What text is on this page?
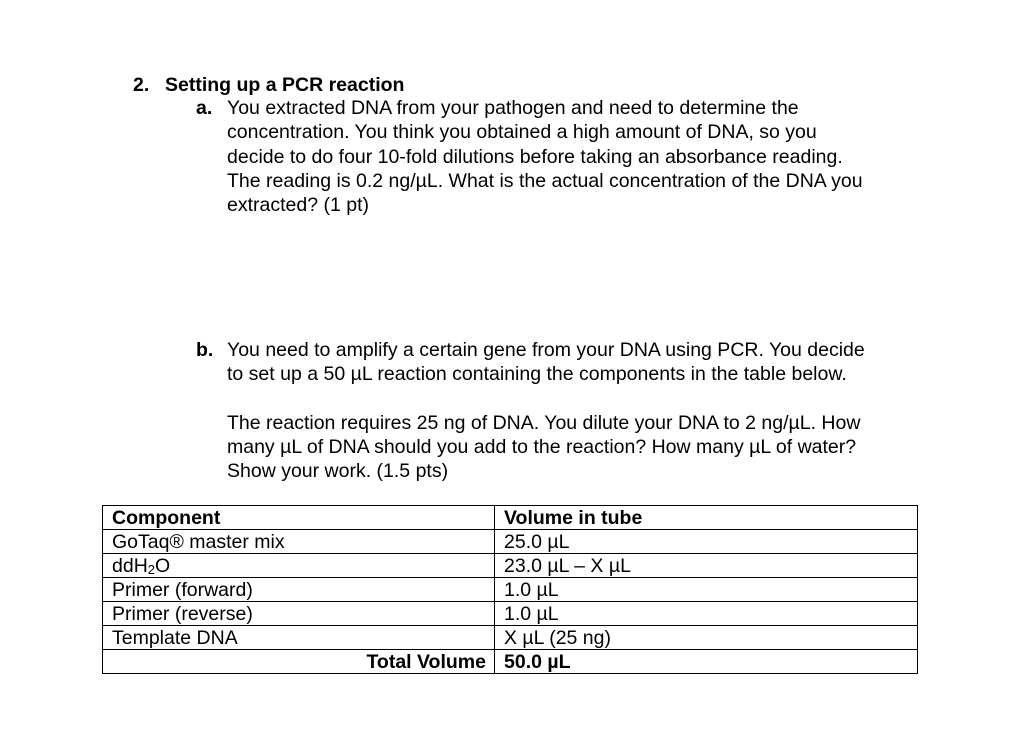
2. Setting up a PCR reaction
a. You extracted DNA from your pathogen and need to determine the

concentration. You think you obtained a high amount of DNA, so you

decide to do four 10-fold dilutions before taking an absorbance reading.

The reading is 0.2 ng/µL. What is the actual concentration of the DNA you

extracted? (1 pt)

b. You need to amplify a certain gene from your DNA using PCR. You decide

to set up a 50 µL reaction containing the components in the table below.

The reaction requires 25 ng of DNA. You dilute your DNA to 2 ng/µL. How

many µL of DNA should you add to the reaction? How many µL of water?

Show your work. (1.5 pts)

Component	Volume in tube
GoTaq® master mix	25.0 µL
ddH$_2$O	23.0 µL – X µL
Primer (forward)	1.0 µL
Primer (reverse)	1.0 µL
Template DNA	X µL (25 ng)
Total Volume	50.0 µL
